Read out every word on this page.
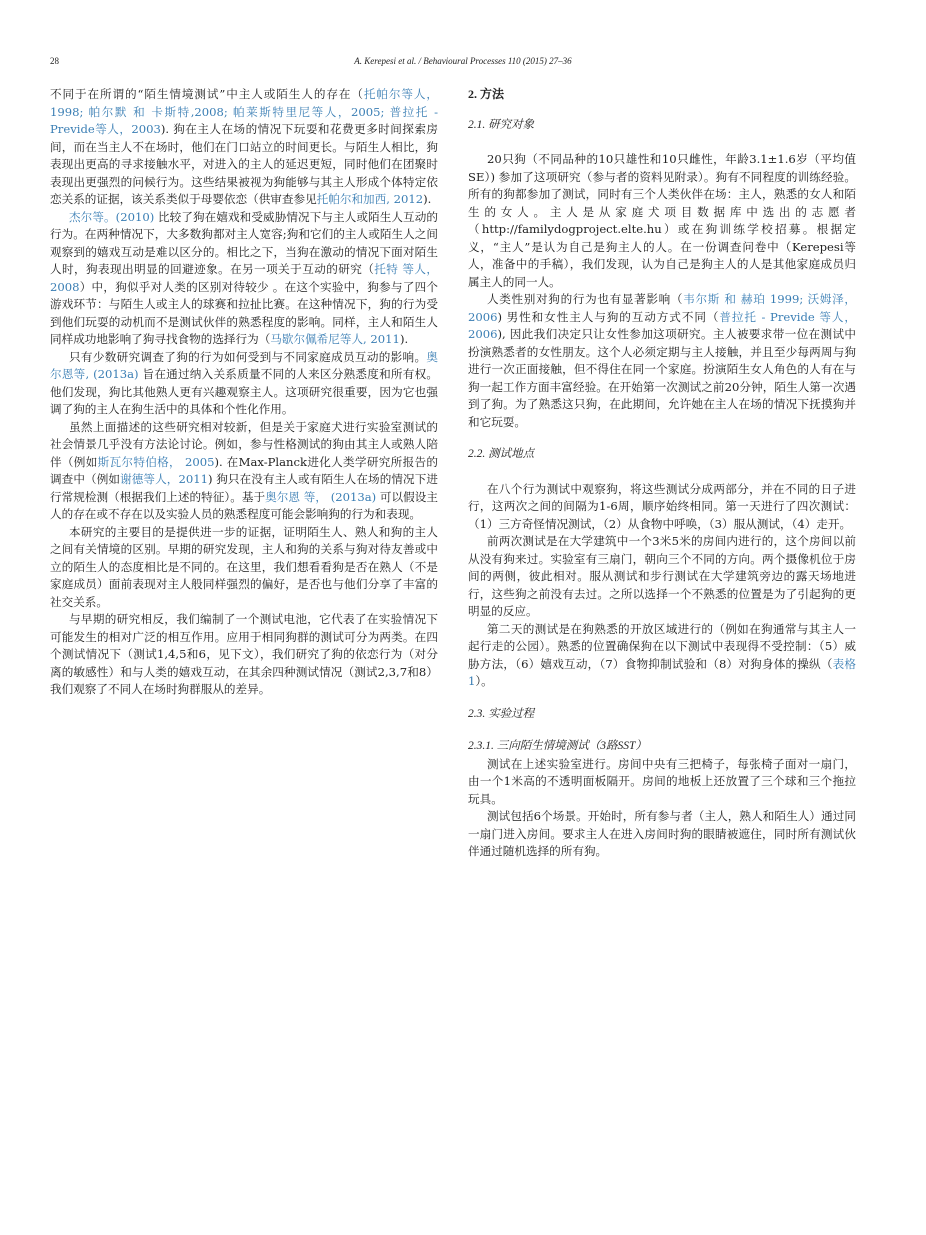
28	A. Kerepesi et al. / Behavioural Processes 110 (2015) 27–36

不同于在所谓的“陌生情境测试”中主人或陌生人的存在（托帕尔等人， 1998; 帕尔默 和 卡斯特,2008; 帕莱斯特里尼等人，2005; 普拉托 - Previde等人，2003). 狗在主人在场的情况下玩耍和花费更多时间探索房间，而在当主人不在场时，他们在门口站立的时间更长。与陌生人相比，狗表现出更高的寻求接触水平，对进入的主人的延迟更短，同时他们在团聚时表现出更强烈的问候行为。这些结果被视为狗能够与其主人形成个体特定依恋关系的证据，该关系类似于母婴依恋（供审查参见托帕尔和加西, 2012).

杰尔等。(2010) 比较了狗在嬉戏和受威胁情况下与主人或陌生人互动的行为。在两种情况下，大多数狗都对主人宽容;狗和它们的主人或陌生人之间观察到的嬉戏互动是难以区分的。相比之下，当狗在激动的情况下面对陌生人时，狗表现出明显的回避迹象。在另一项关于互动的研究（托特 等人， 2008）中，狗似乎对人类的区别对待较少 。在这个实验中，狗参与了四个游戏环节：与陌生人或主人的球赛和拉扯比赛。在这种情况下，狗的行为受到他们玩耍的动机而不是测试伙伴的熟悉程度的影响。同样，主人和陌生人同样成功地影响了狗寻找食物的选择行为（马歇尔佩希尼等人, 2011).

只有少数研究调查了狗的行为如何受到与不同家庭成员互动的影响。奥尔恩等, (2013a) 旨在通过纳入关系质量不同的人来区分熟悉度和所有权。他们发现，狗比其他熟人更有兴趣观察主人。这项研究很重要，因为它也强调了狗的主人在狗生活中的具体和个性化作用。

虽然上面描述的这些研究相对较新，但是关于家庭犬进行实验室测试的社会情景几乎没有方法论讨论。例如，参与性格测试的狗由其主人或熟人陪伴（例如斯瓦尔特伯格， 2005). 在Max-Planck进化人类学研究所报告的调查中（例如谢德等人，2011) 狗只在没有主人或有陌生人在场的情况下进行常规检测（根据我们上述的特征）。基于奥尔恩 等， (2013a) 可以假设主人的存在或不存在以及实验人员的熟悉程度可能会影响狗的行为和表现。

本研究的主要目的是提供进一步的证据，证明陌生人、熟人和狗的主人之间有关情境的区别。早期的研究发现，主人和狗的关系与狗对待友善或中立的陌生人的态度相比是不同的。在这里，我们想看看狗是否在熟人（不是家庭成员）面前表现对主人般同样强烈的偏好，是否也与他们分享了丰富的社交关系。

与早期的研究相反，我们编制了一个测试电池，它代表了在实验情况下可能发生的相对广泛的相互作用。应用于相同狗群的测试可分为两类。在四个测试情况下（测试1,4,5和6，见下文），我们研究了狗的依恋行为（对分离的敏感性）和与人类的嬉戏互动，在其余四种测试情况（测试2,3,7和8）我们观察了不同人在场时狗群服从的差异。

2. 方法
2.1. 研究对象

20只狗（不同品种的10只雄性和10只雌性，年龄3.1±1.6岁（平均值SE）) 参加了这项研究（参与者的资料见附录）。狗有不同程度的训练经验。所有的狗都参加了测试，同时有三个人类伙伴在场：主人，熟悉的女人和陌生的女人。主人是从家庭犬项目数据库中选出的志愿者（http://familydogproject.elte.hu）或在狗训练学校招募。根据定义，“主人”是认为自己是狗主人的人。在一份调查问卷中（Kerepesi等人，准备中的手稿），我们发现，认为自己是狗主人的人是其他家庭成员归属主人的同一人。

人类性别对狗的行为也有显著影响（韦尔斯 和 赫珀 1999; 沃姆泽， 2006) 男性和女性主人与狗的互动方式不同（普拉托 - Previde 等人， 2006), 因此我们决定只让女性参加这项研究。主人被要求带一位在测试中扮演熟悉者的女性朋友。这个人必须定期与主人接触，并且至少每两周与狗进行一次正面接触，但不得住在同一个家庭。扮演陌生女人角色的人有在与狗一起工作方面丰富经验。在开始第一次测试之前20分钟，陌生人第一次遇到了狗。为了熟悉这只狗，在此期间，允许她在主人在场的情况下抚摸狗并和它玩耍。

2.2. 测试地点

在八个行为测试中观察狗，将这些测试分成两部分，并在不同的日子进行，这两次之间的间隔为1-6周，顺序始终相同。第一天进行了四次测试：（1）三方奇怪情况测试，（2）从食物中呼唤，（3）服从测试，（4）走开。

前两次测试是在大学建筑中一个3米5米的房间内进行的，这个房间以前从没有狗来过。实验室有三扇门，朝向三个不同的方向。两个摄像机位于房间的两侧，彼此相对。服从测试和步行测试在大学建筑旁边的露天场地进行，这些狗之前没有去过。之所以选择一个不熟悉的位置是为了引起狗的更明显的反应。

第二天的测试是在狗熟悉的开放区域进行的（例如在狗通常与其主人一起行走的公园）。熟悉的位置确保狗在以下测试中表现得不受控制：（5）威胁方法，（6）嬉戏互动，（7）食物抑制试验和（8）对狗身体的操纵（表格1）。

2.3. 实验过程
2.3.1. 三向陌生情境测试（3路SST）

测试在上述实验室进行。房间中央有三把椅子，每张椅子面对一扇门，由一个1米高的不透明面板隔开。房间的地板上还放置了三个球和三个拖拉玩具。

测试包括6个场景。开始时，所有参与者（主人，熟人和陌生人）通过同一扇门进入房间。要求主人在进入房间时狗的眼睛被遮住，同时所有测试伙伴通过随机选择的所有狗。
